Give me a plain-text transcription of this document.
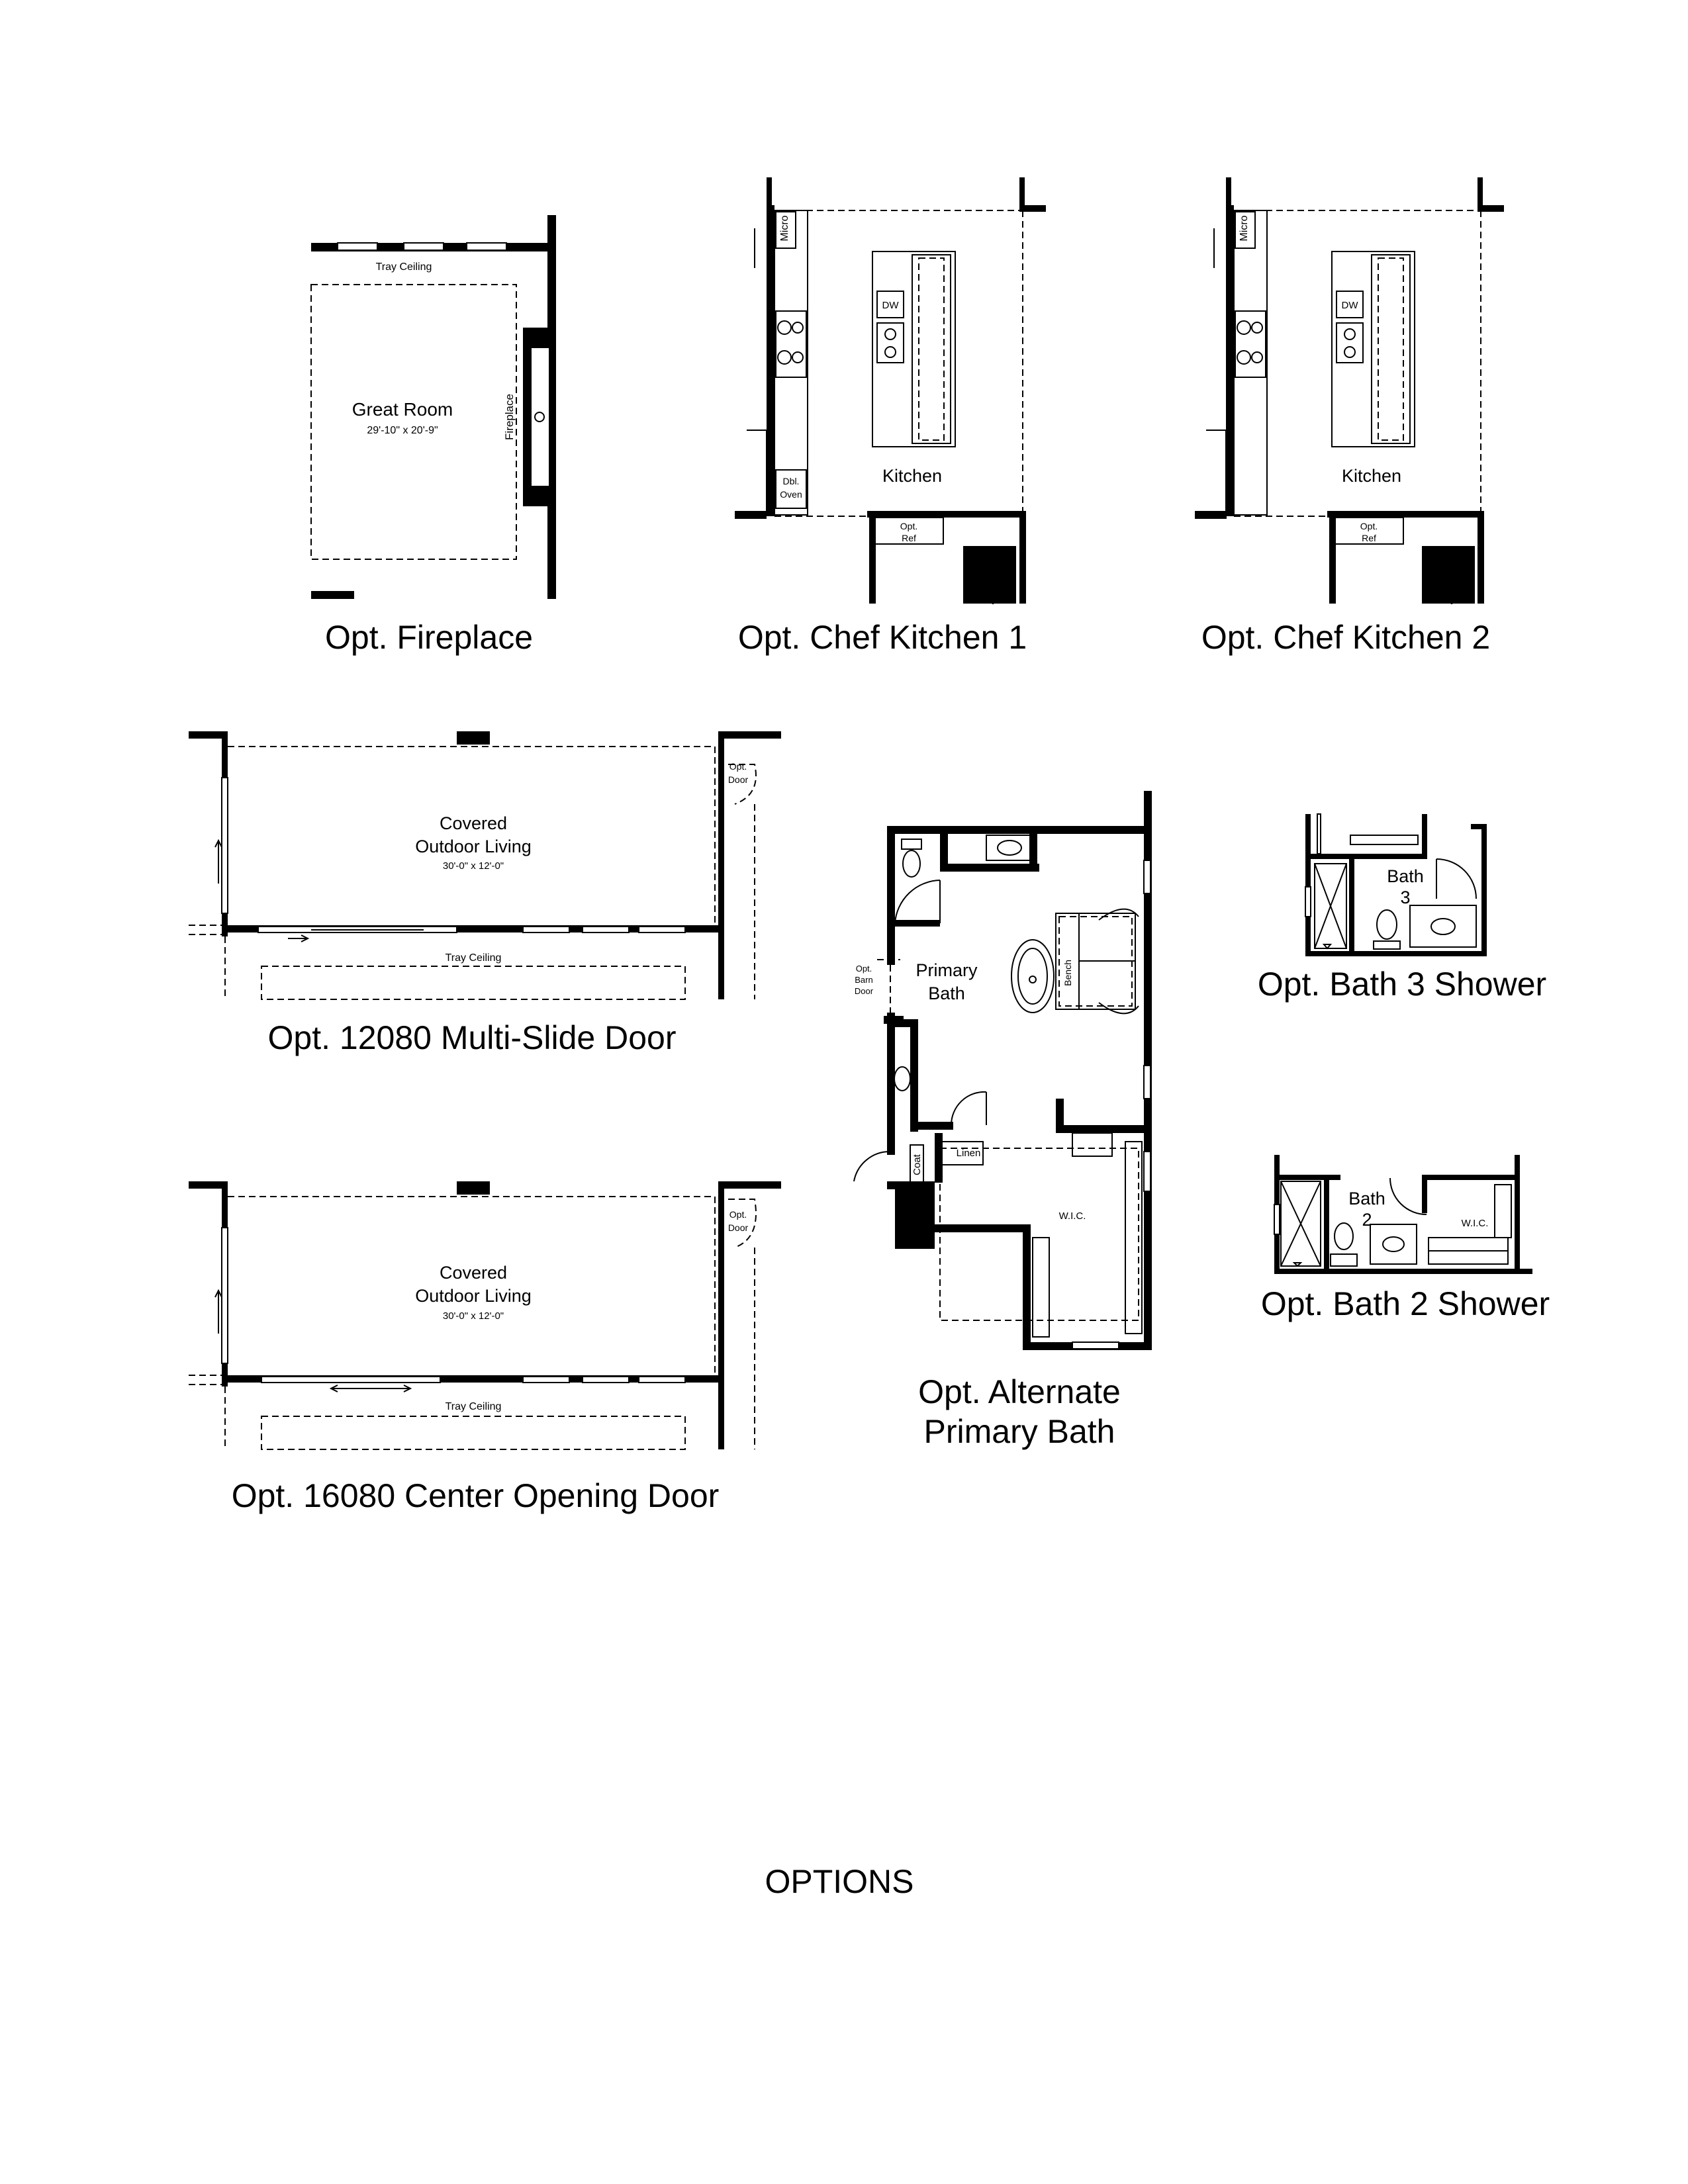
Tray Ceiling
Great Room
29'-10" x 20'-9"	Fireplace
Micro
DW
Dbl.
Oven
Kitchen
Opt.
Ref
Micro
DW
Kitchen
Opt.
Ref
Covered
Outdoor Living
30'-0" x 12'-0"
Tray Ceiling
Opt.
Door
Covered
Outdoor Living
30'-0" x 12'-0"
Tray Ceiling
Opt.
Door
Primary
Bath
Opt.
Barn
Door
Bench
Linen
Coat
W.I.C.
Bath
3
Bath
2	W.I.C.
Opt. Fireplace	Opt. Chef Kitchen 1	Opt. Chef Kitchen 2
Opt. 12080 Multi-Slide Door
Opt. 16080 Center Opening Door
Opt. Alternate
Primary Bath
Opt. Bath 3 Shower
Opt. Bath 2 Shower
OPTIONS
